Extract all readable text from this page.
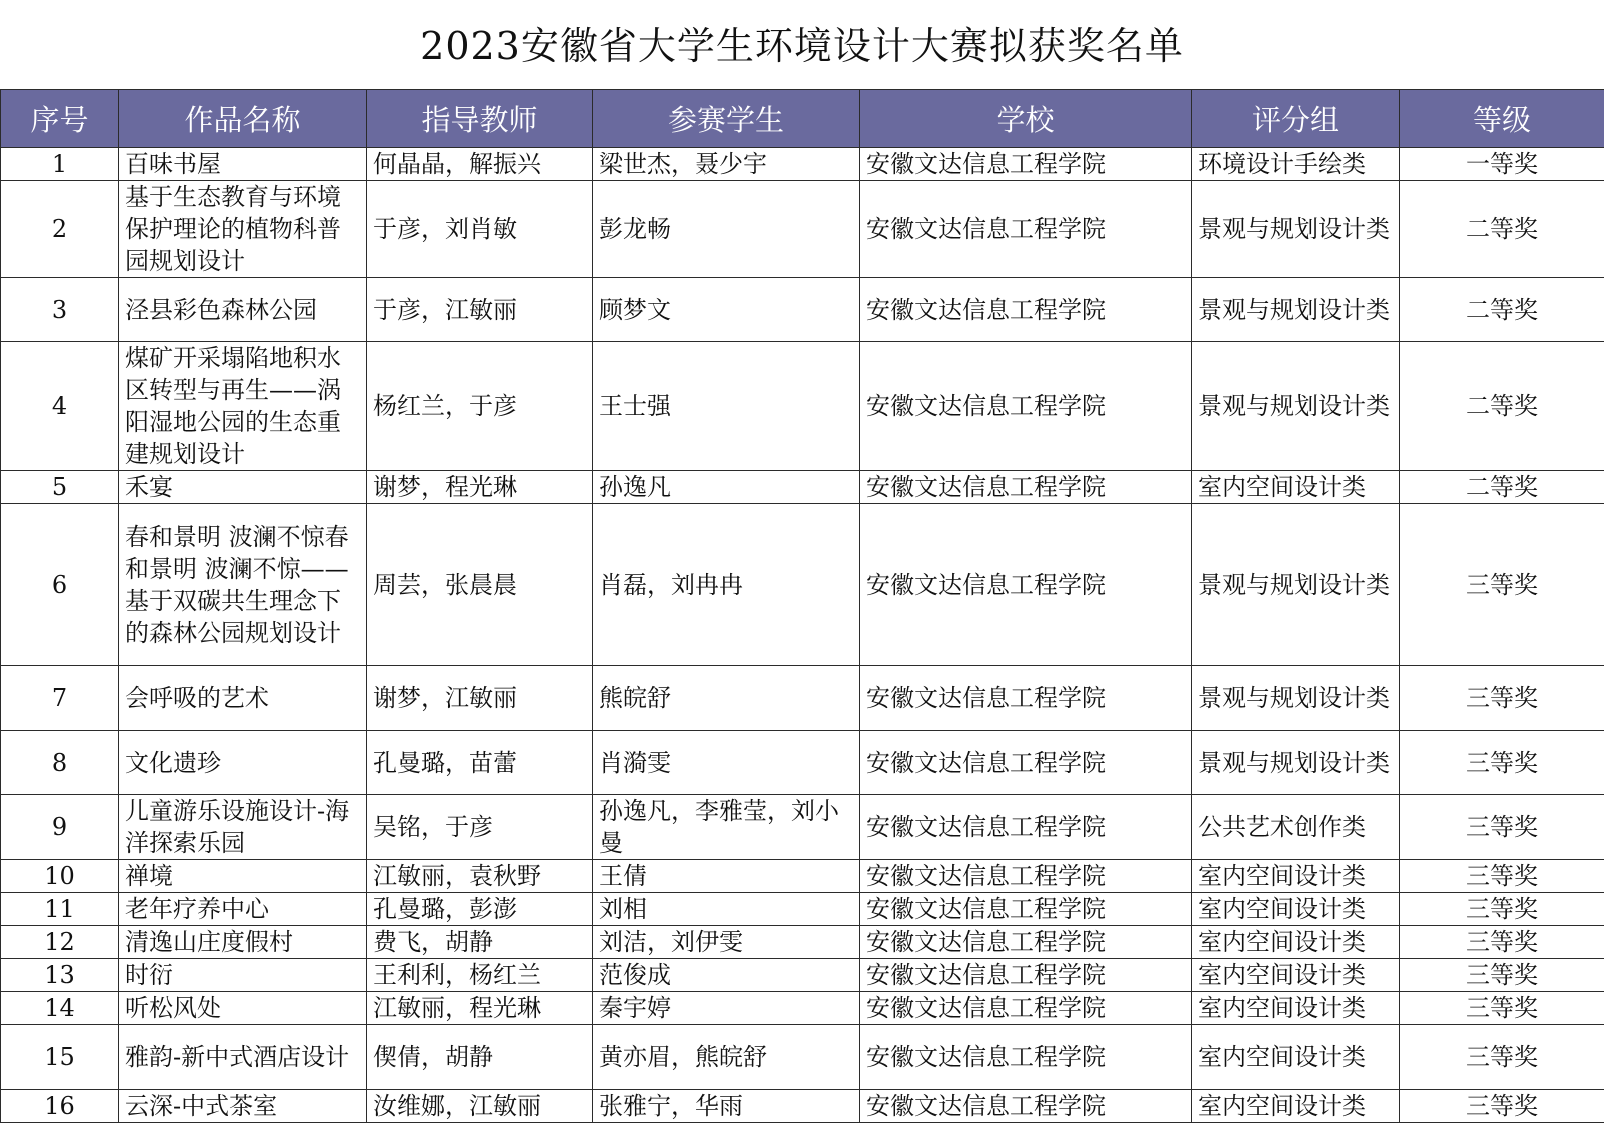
2023安徽省大学生环境设计大赛拟获奖名单
序号	作品名称	指导教师	参赛学生	学校	评分组	等级
1	百味书屋	何晶晶，解振兴	梁世杰，聂少宇	安徽文达信息工程学院	环境设计手绘类	一等奖
2	基于生态教育与环境保护理论的植物科普园规划设计	于彦，刘肖敏	彭龙畅	安徽文达信息工程学院	景观与规划设计类	二等奖
3	泾县彩色森林公园	于彦，江敏丽	顾梦文	安徽文达信息工程学院	景观与规划设计类	二等奖
4	煤矿开采塌陷地积水区转型与再生——涡阳湿地公园的生态重建规划设计	杨红兰，于彦	王士强	安徽文达信息工程学院	景观与规划设计类	二等奖
5	禾宴	谢梦，程光琳	孙逸凡	安徽文达信息工程学院	室内空间设计类	二等奖
6	春和景明 波澜不惊春和景明 波澜不惊——基于双碳共生理念下的森林公园规划设计	周芸，张晨晨	肖磊，刘冉冉	安徽文达信息工程学院	景观与规划设计类	三等奖
7	会呼吸的艺术	谢梦，江敏丽	熊皖舒	安徽文达信息工程学院	景观与规划设计类	三等奖
8	文化遗珍	孔曼璐，苗蕾	肖漪雯	安徽文达信息工程学院	景观与规划设计类	三等奖
9	儿童游乐设施设计-海洋探索乐园	吴铭，于彦	孙逸凡，李雅莹，刘小曼	安徽文达信息工程学院	公共艺术创作类	三等奖
10	禅境	江敏丽，袁秋野	王倩	安徽文达信息工程学院	室内空间设计类	三等奖
11	老年疗养中心	孔曼璐，彭澎	刘相	安徽文达信息工程学院	室内空间设计类	三等奖
12	清逸山庄度假村	费飞，胡静	刘洁，刘伊雯	安徽文达信息工程学院	室内空间设计类	三等奖
13	时衍	王利利，杨红兰	范俊成	安徽文达信息工程学院	室内空间设计类	三等奖
14	听松风处	江敏丽，程光琳	秦宇婷	安徽文达信息工程学院	室内空间设计类	三等奖
15	雅韵-新中式酒店设计	偰倩，胡静	黄亦眉，熊皖舒	安徽文达信息工程学院	室内空间设计类	三等奖
16	云深-中式茶室	汝维娜，江敏丽	张雅宁，华雨	安徽文达信息工程学院	室内空间设计类	三等奖
